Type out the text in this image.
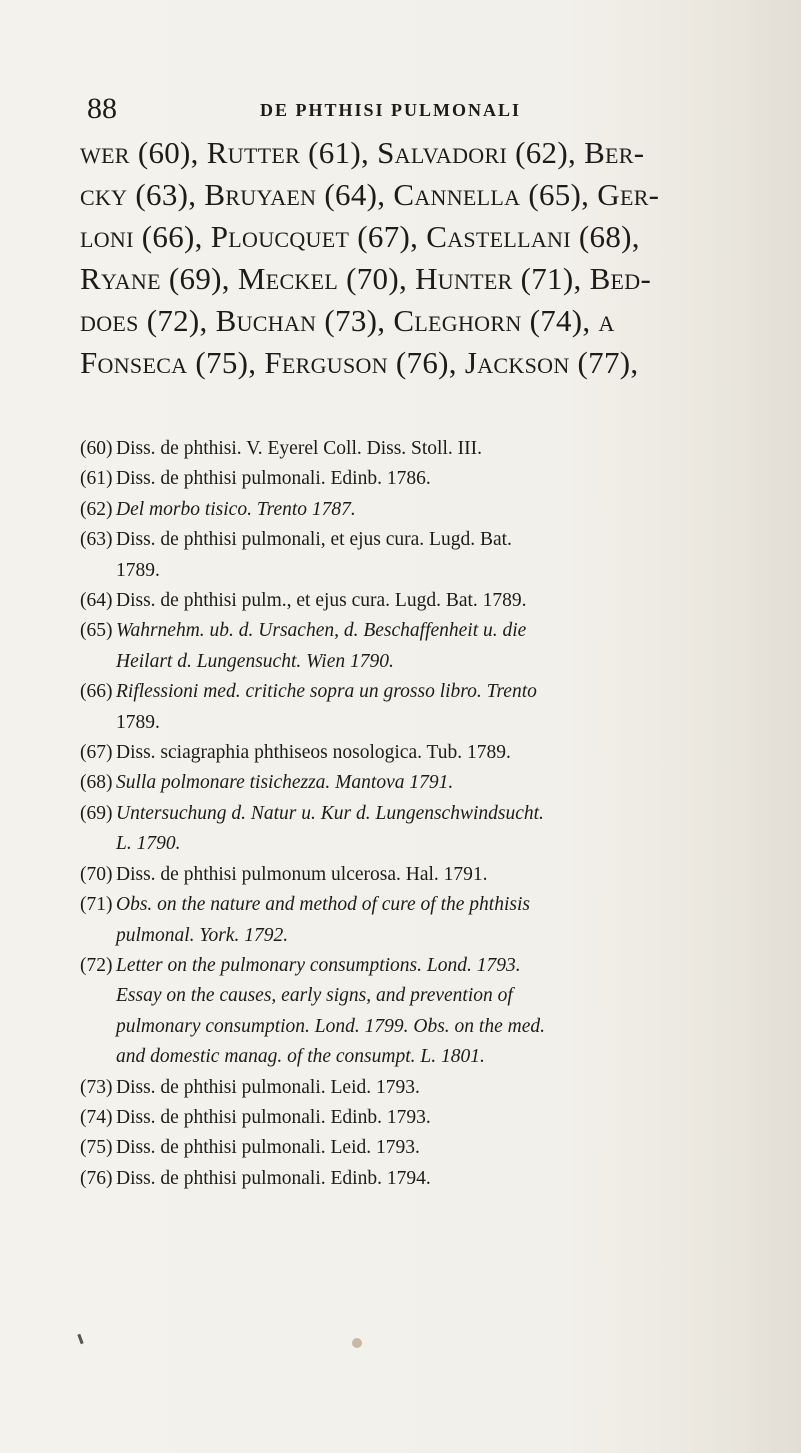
88	DE PHTHISI PULMONALI
wer (60), Rutter (61), Salvadori (62), Ber-
cky (63), Bruyaen (64), Cannella (65), Ger-
loni (66), Ploucquet (67), Castellani (68),
Ryane (69), Meckel (70), Hunter (71), Bed-
does (72), Buchan (73), Cleghorn (74), a
Fonseca (75), Ferguson (76), Jackson (77),
(60) Diss. de phthisi. V. Eyerel Coll. Diss. Stoll. III.
(61) Diss. de phthisi pulmonali. Edinb. 1786.
(62) Del morbo tisico. Trento 1787.
(63) Diss. de phthisi pulmonali, et ejus cura. Lugd. Bat.
1789.
(64) Diss. de phthisi pulm., et ejus cura. Lugd. Bat. 1789.
(65) Wahrnehm. ub. d. Ursachen, d. Beschaffenheit u. die
Heilart d. Lungensucht. Wien 1790.
(66) Riflessioni med. critiche sopra un grosso libro. Trento
1789.
(67) Diss. sciagraphia phthiseos nosologica. Tub. 1789.
(68) Sulla polmonare tisichezza. Mantova 1791.
(69) Untersuchung d. Natur u. Kur d. Lungenschwindsucht.
L. 1790.
(70) Diss. de phthisi pulmonum ulcerosa. Hal. 1791.
(71) Obs. on the nature and method of cure of the phthisis
pulmonal. York. 1792.
(72) Letter on the pulmonary consumptions. Lond. 1793.
Essay on the causes, early signs, and prevention of
pulmonary consumption. Lond. 1799. Obs. on the med.
and domestic manag. of the consumpt. L. 1801.
(73) Diss. de phthisi pulmonali. Leid. 1793.
(74) Diss. de phthisi pulmonali. Edinb. 1793.
(75) Diss. de phthisi pulmonali. Leid. 1793.
(76) Diss. de phthisi pulmonali. Edinb. 1794.
